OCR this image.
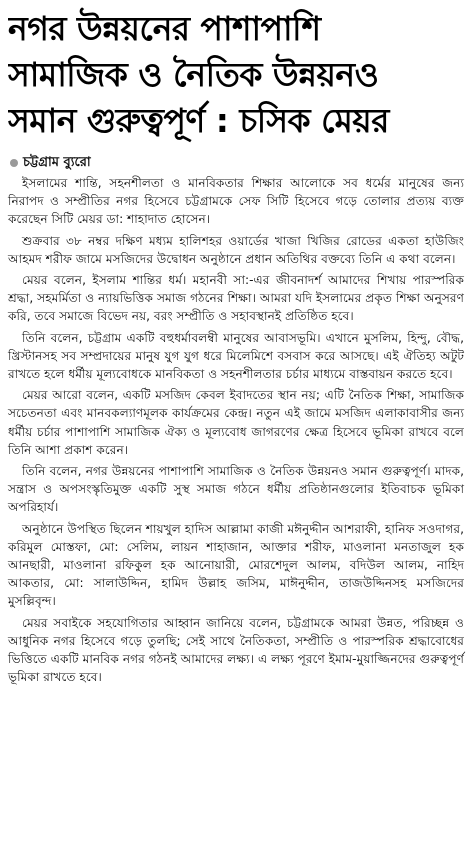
নগর উন্নয়নের পাশাপাশি
সামাজিক ও নৈতিক উন্নয়নও
সমান গুরুত্বপূর্ণ : চসিক মেয়র
চট্টগ্রাম ব্যুরো

ইসলামের শান্তি, সহনশীলতা ও মানবিকতার শিক্ষার আলোকে সব ধর্মের মানুষের জন্য নিরাপদ ও সম্প্রীতির নগর হিসেবে চট্টগ্রামকে সেফ সিটি হিসেবে গড়ে তোলার প্রত্যয় ব্যক্ত করেছেন সিটি মেয়র ডা: শাহাদাত হোসেন।

শুক্রবার ৩৮ নম্বর দক্ষিণ মধ্যম হালিশহর ওয়ার্ডের খাজা খিজির রোডের একতা হাউজিং আহমদ শরীফ জামে মসজিদের উদ্বোধন অনুষ্ঠানে প্রধান অতিথির বক্তব্যে তিনি এ কথা বলেন।

মেয়র বলেন, ইসলাম শান্তির ধর্ম। মহানবী সা:-এর জীবনাদর্শ আমাদের শিখায় পারস্পরিক শ্রদ্ধা, সহমর্মিতা ও ন্যায়ভিত্তিক সমাজ গঠনের শিক্ষা। আমরা যদি ইসলামের প্রকৃত শিক্ষা অনুসরণ করি, তবে সমাজে বিভেদ নয়, বরং সম্প্রীতি ও সহাবস্থানই প্রতিষ্ঠিত হবে।

তিনি বলেন, চট্টগ্রাম একটি বহুধর্মাবলম্বী মানুষের আবাসভূমি। এখানে মুসলিম, হিন্দু, বৌদ্ধ, খ্রিস্টানসহ সব সম্প্রদায়ের মানুষ যুগ যুগ ধরে মিলেমিশে বসবাস করে আসছে। এই ঐতিহ্য অটুট রাখতে হলে ধর্মীয় মূল্যবোধকে মানবিকতা ও সহনশীলতার চর্চার মাধ্যমে বাস্তবায়ন করতে হবে।

মেয়র আরো বলেন, একটি মসজিদ কেবল ইবাদতের স্থান নয়; এটি নৈতিক শিক্ষা, সামাজিক সচেতনতা এবং মানবকল্যাণমূলক কার্যক্রমের কেন্দ্র। নতুন এই জামে মসজিদ এলাকাবাসীর জন্য ধর্মীয় চর্চার পাশাপাশি সামাজিক ঐক্য ও মূল্যবোধ জাগরণের ক্ষেত্র হিসেবে ভূমিকা রাখবে বলে তিনি আশা প্রকাশ করেন।

তিনি বলেন, নগর উন্নয়নের পাশাপাশি সামাজিক ও নৈতিক উন্নয়নও সমান গুরুত্বপূর্ণ। মাদক, সন্ত্রাস ও অপসংস্কৃতিমুক্ত একটি সুস্থ সমাজ গঠনে ধর্মীয় প্রতিষ্ঠানগুলোর ইতিবাচক ভূমিকা অপরিহার্য।

অনুষ্ঠানে উপস্থিত ছিলেন শায়খুল হাদিস আল্লামা কাজী মঈনুদ্দীন আশরাফী, হানিফ সওদাগর, করিমুল মোস্তফা, মো: সেলিম, লায়ন শাহাজান, আক্তার শরীফ, মাওলানা মনতাজুল হক আনছারী, মাওলানা রফিকুল হক আনোয়ারী, মোরশেদুল আলম, বদিউল আলম, নাহিদ আকতার, মো: সালাউদ্দিন, হামিদ উল্লাহ জসিম, মাঈনুদ্দীন, তাজউদ্দিনসহ মসজিদের মুসল্লিবৃন্দ।

মেয়র সবাইকে সহযোগিতার আহ্বান জানিয়ে বলেন, চট্টগ্রামকে আমরা উন্নত, পরিচ্ছন্ন ও আধুনিক নগর হিসেবে গড়ে তুলছি; সেই সাথে নৈতিকতা, সম্প্রীতি ও পারস্পরিক শ্রদ্ধাবোধের ভিত্তিতে একটি মানবিক নগর গঠনই আমাদের লক্ষ্য। এ লক্ষ্য পূরণে ইমাম-মুয়াজ্জিনদের গুরুত্বপূর্ণ ভূমিকা রাখতে হবে।
